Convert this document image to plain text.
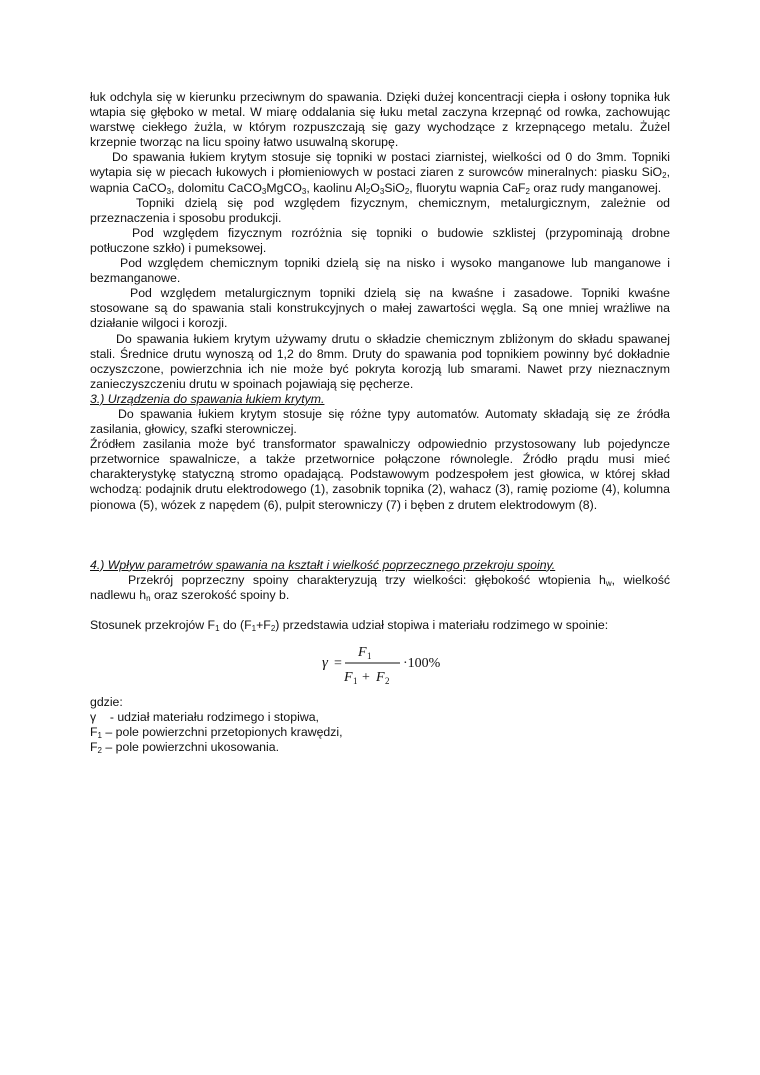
łuk odchyla się w kierunku przeciwnym do spawania. Dzięki dużej koncentracji ciepła i osłony topnika łuk wtapia się głęboko w metal. W miarę oddalania się łuku metal zaczyna krzepnąć od rowka, zachowując warstwę ciekłego żużla, w którym rozpuszczają się gazy wychodzące z krzepnącego metalu. Żużel krzepnie tworząc na licu spoiny łatwo usuwalną skorupę.

Do spawania łukiem krytym stosuje się topniki w postaci ziarnistej, wielkości od 0 do 3mm. Topniki wytapia się w piecach łukowych i płomieniowych w postaci ziaren z surowców mineralnych: piasku SiO$_2$, wapnia CaCO$_3$, dolomitu CaCO$_3$MgCO$_3$, kaolinu $Al_2O_3SiO_2$, fluorytu wapnia CaF$_2$ oraz rudy manganowej.

Topniki dzielą się pod względem fizycznym, chemicznym, metalurgicznym, zależnie od przeznaczenia i sposobu produkcji.

Pod względem fizycznym rozróżnia się topniki o budowie szklistej (przypominają drobne potłuczone szkło) i pumeksowej.

Pod względem chemicznym topniki dzielą się na nisko i wysoko manganowe lub manganowe i bezmanganowe.

Pod względem metalurgicznym topniki dzielą się na kwaśne i zasadowe. Topniki kwaśne stosowane są do spawania stali konstrukcyjnych o małej zawartości węgla. Są one mniej wrażliwe na działanie wilgoci i korozji.

Do spawania łukiem krytym używamy drutu o składzie chemicznym zbliżonym do składu spawanej stali. Średnice drutu wynoszą od 1,2 do 8mm. Druty do spawania pod topnikiem powinny być dokładnie oczyszczone, powierzchnia ich nie może być pokryta korozją lub smarami. Nawet przy nieznacznym zanieczyszczeniu drutu w spoinach pojawiają się pęcherze.

3.) Urządzenia do spawania łukiem krytym.

Do spawania łukiem krytym stosuje się różne typy automatów. Automaty składają się ze źródła zasilania, głowicy, szafki sterowniczej.

Źródłem zasilania może być transformator spawalniczy odpowiednio przystosowany lub pojedyncze przetwornice spawalnicze, a także przetwornice połączone równolegle. Źródło prądu musi mieć charakterystykę statyczną stromo opadającą. Podstawowym podzespołem jest głowica, w której skład wchodzą: podajnik drutu elektrodowego (1), zasobnik topnika (2), wahacz (3), ramię poziome (4), kolumna pionowa (5), wózek z napędem (6), pulpit sterowniczy (7) i bęben z drutem elektrodowym (8).

4.) Wpływ parametrów spawania na kształt i wielkość poprzecznego przekroju spoiny.

Przekrój poprzeczny spoiny charakteryzują trzy wielkości: głębokość wtopienia $h_w$, wielkość nadlewu $h_n$ oraz szerokość spoiny b.

Stosunek przekrojów $F_1$ do $(F_1+F_2)$ przedstawia udział stopiwa i materiału rodzimego w spoinie:

γ =
F 1
F 1 + F 2
·100%

gdzie:

γ    - udział materiału rodzimego i stopiwa,

$F_1$ – pole powierzchni przetopionych krawędzi,

$F_2$ – pole powierzchni ukosowania.
